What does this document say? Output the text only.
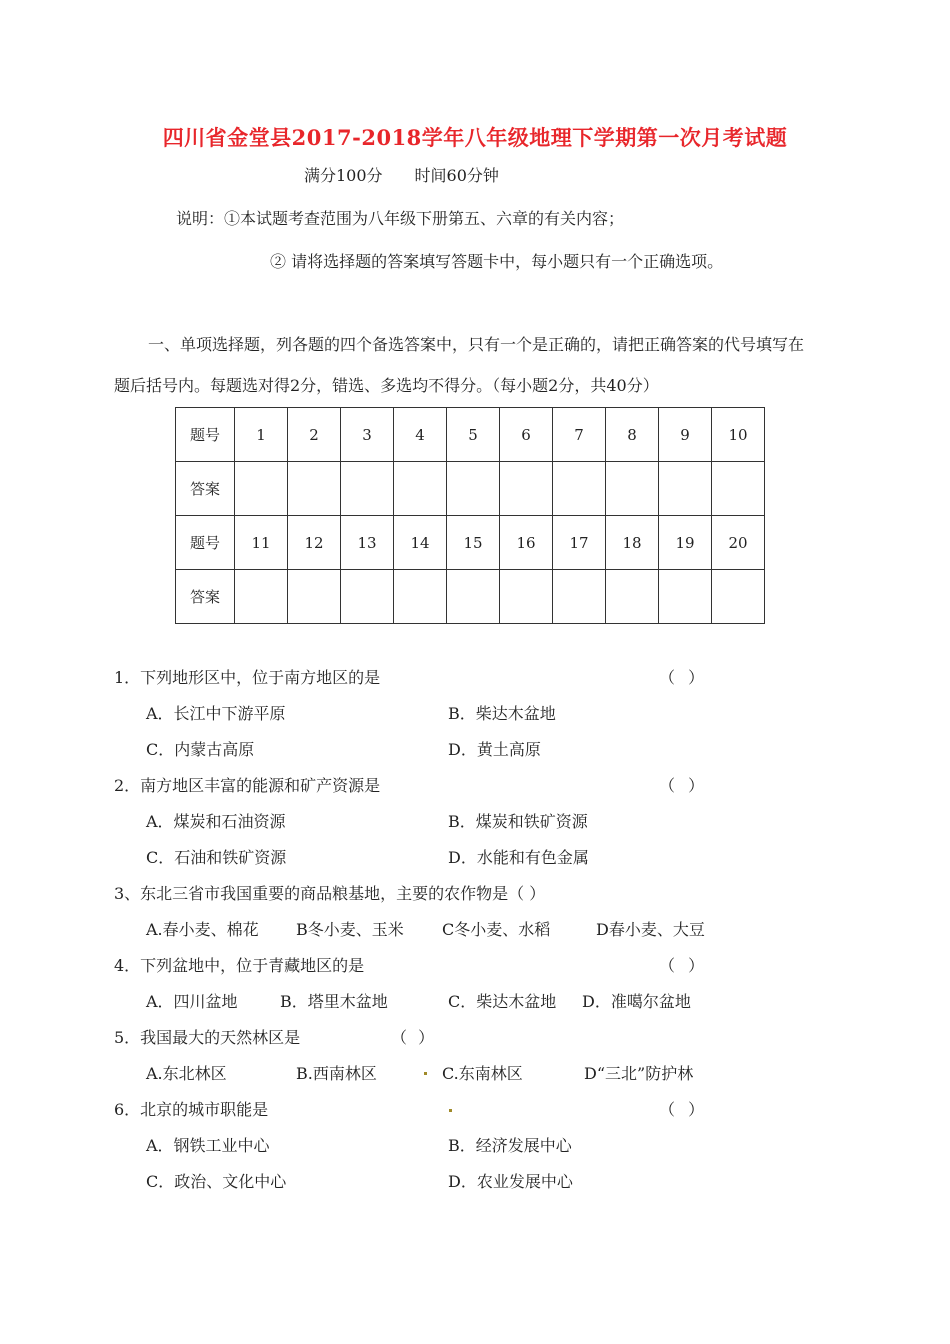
四川省金堂县2017-2018学年八年级地理下学期第一次月考试题
满分100分 时间60分钟
说明：①本试题考查范围为八年级下册第五、六章的有关内容；
② 请将选择题的答案填写答题卡中，每小题只有一个正确选项。
一、单项选择题，列各题的四个备选答案中，只有一个是正确的，请把正确答案的代号填写在
题后括号内。每题选对得2分，错选、多选均不得分。（每小题2分，共40分）
题号	1	2	3	4	5	6	7	8	9	10
答案										
题号	11	12	13	14	15	16	17	18	19	20
答案										
1．下列地形区中，位于南方地区的是	（ ）
A．长江中下游平原	B．柴达木盆地
C．内蒙古高原	D．黄土高原
2．南方地区丰富的能源和矿产资源是	（ ）
A．煤炭和石油资源	B．煤炭和铁矿资源
C．石油和铁矿资源	D．水能和有色金属
3、东北三省市我国重要的商品粮基地，主要的农作物是（ ）
A.春小麦、棉花 B冬小麦、玉米 C冬小麦、水稻	D春小麦、大豆
4．下列盆地中，位于青藏地区的是	（ ）
A．四川盆地	B．塔里木盆地	C．柴达木盆地 D．准噶尔盆地
5．我国最大的天然林区是	（ ）
A.东北林区	B.西南林区	C.东南林区	D“三北”防护林
6．北京的城市职能是	（ ）
A．钢铁工业中心	B．经济发展中心
C．政治、文化中心	D．农业发展中心
